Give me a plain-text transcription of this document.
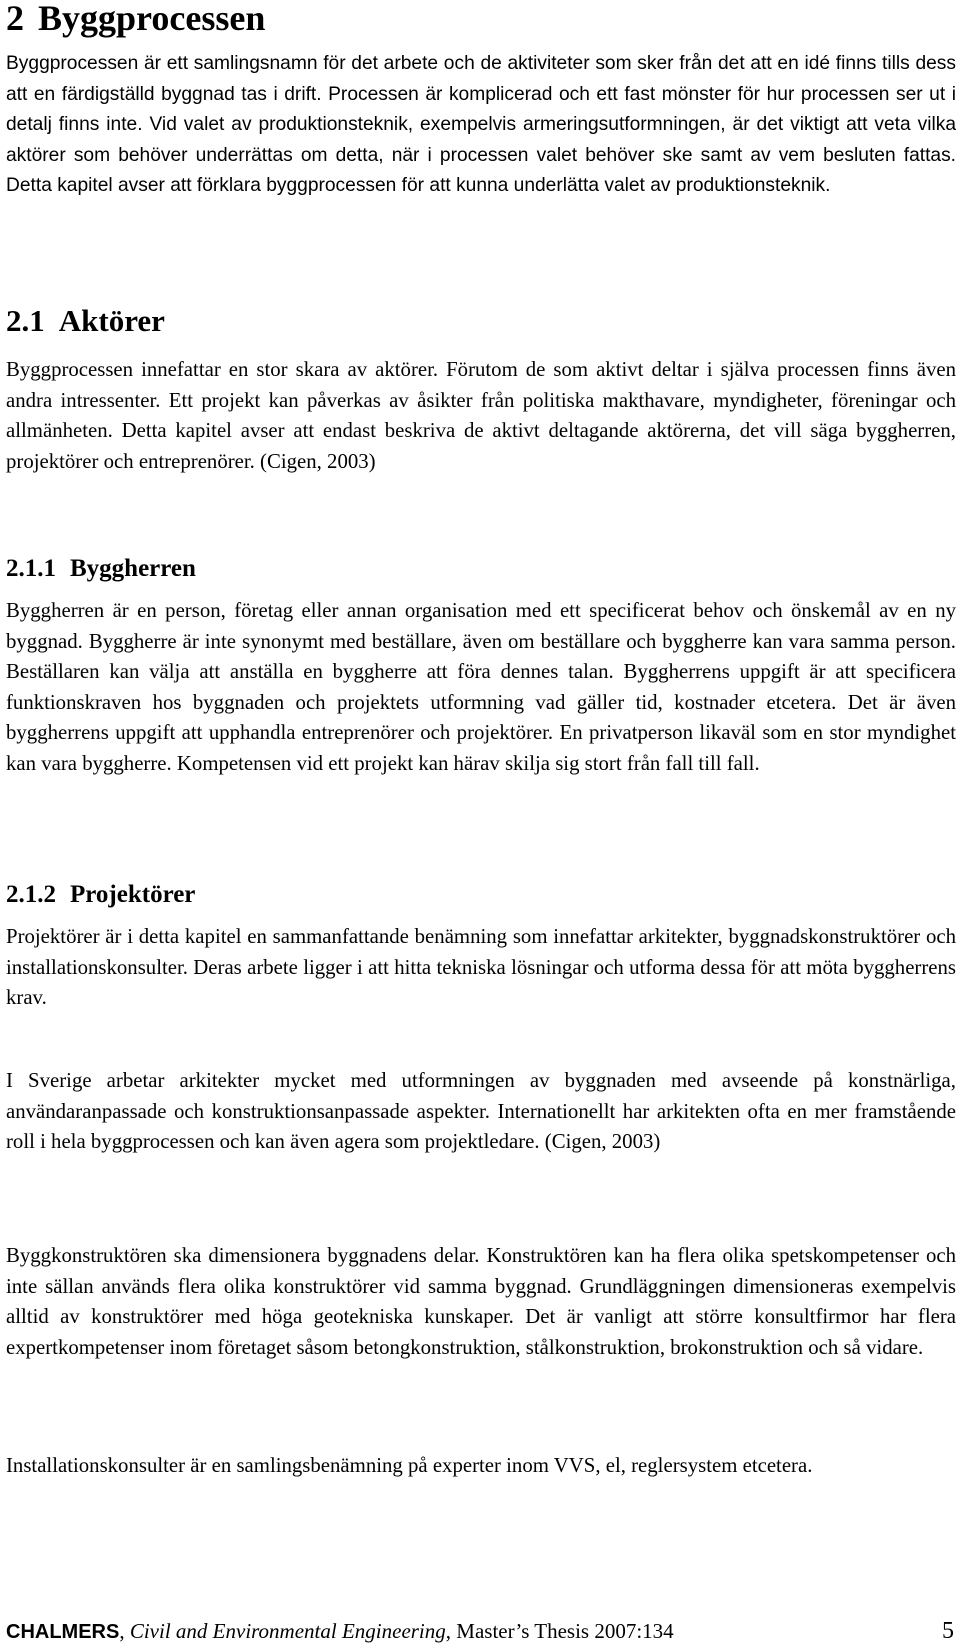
2 Byggprocessen

Byggprocessen är ett samlingsnamn för det arbete och de aktiviteter som sker från det att en idé finns tills dess att en färdigställd byggnad tas i drift. Processen är komplicerad och ett fast mönster för hur processen ser ut i detalj finns inte. Vid valet av produktionsteknik, exempelvis armeringsutformningen, är det viktigt att veta vilka aktörer som behöver underrättas om detta, när i processen valet behöver ske samt av vem besluten fattas. Detta kapitel avser att förklara byggprocessen för att kunna underlätta valet av produktionsteknik.

2.1 Aktörer

Byggprocessen innefattar en stor skara av aktörer. Förutom de som aktivt deltar i själva processen finns även andra intressenter. Ett projekt kan påverkas av åsikter från politiska makthavare, myndigheter, föreningar och allmänheten. Detta kapitel avser att endast beskriva de aktivt deltagande aktörerna, det vill säga byggherren, projektörer och entreprenörer. (Cigen, 2003)

2.1.1 Byggherren

Byggherren är en person, företag eller annan organisation med ett specificerat behov och önskemål av en ny byggnad. Byggherre är inte synonymt med beställare, även om beställare och byggherre kan vara samma person. Beställaren kan välja att anställa en byggherre att föra dennes talan. Byggherrens uppgift är att specificera funktionskraven hos byggnaden och projektets utformning vad gäller tid, kostnader etcetera. Det är även byggherrens uppgift att upphandla entreprenörer och projektörer. En privatperson likaväl som en stor myndighet kan vara byggherre. Kompetensen vid ett projekt kan härav skilja sig stort från fall till fall.

2.1.2 Projektörer

Projektörer är i detta kapitel en sammanfattande benämning som innefattar arkitekter, byggnadskonstruktörer och installationskonsulter. Deras arbete ligger i att hitta tekniska lösningar och utforma dessa för att möta byggherrens krav.

I Sverige arbetar arkitekter mycket med utformningen av byggnaden med avseende på konstnärliga, användaranpassade och konstruktionsanpassade aspekter. Internationellt har arkitekten ofta en mer framstående roll i hela byggprocessen och kan även agera som projektledare. (Cigen, 2003)

Byggkonstruktören ska dimensionera byggnadens delar. Konstruktören kan ha flera olika spetskompetenser och inte sällan används flera olika konstruktörer vid samma byggnad. Grundläggningen dimensioneras exempelvis alltid av konstruktörer med höga geotekniska kunskaper. Det är vanligt att större konsultfirmor har flera expertkompetenser inom företaget såsom betongkonstruktion, stålkonstruktion, brokonstruktion och så vidare.

Installationskonsulter är en samlingsbenämning på experter inom VVS, el, reglersystem etcetera.

CHALMERS, Civil and Environmental Engineering, Master’s Thesis 2007:134	5
